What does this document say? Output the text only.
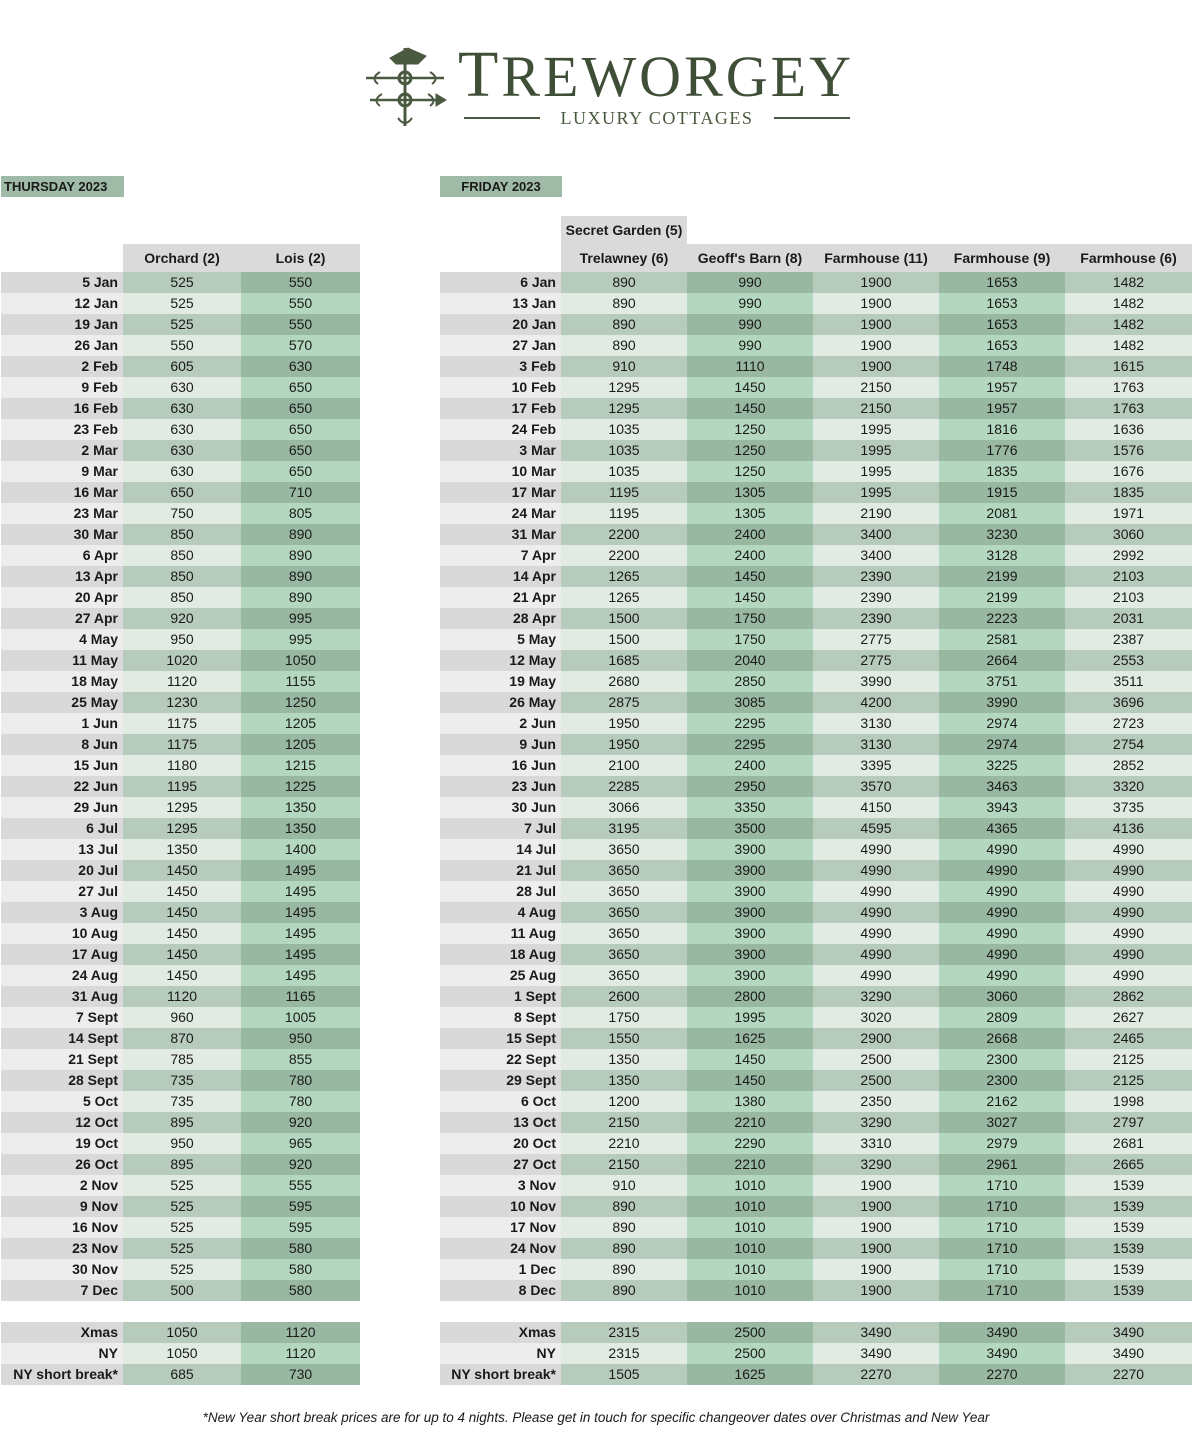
TREWORGEY
LUXURY COTTAGES
THURSDAY 2023	FRIDAY 2023
	Orchard (2)	Lois (2)
5 Jan	525	550
12 Jan	525	550
19 Jan	525	550
26 Jan	550	570
2 Feb	605	630
9 Feb	630	650
16 Feb	630	650
23 Feb	630	650
2 Mar	630	650
9 Mar	630	650
16 Mar	650	710
23 Mar	750	805
30 Mar	850	890
6 Apr	850	890
13 Apr	850	890
20 Apr	850	890
27 Apr	920	995
4 May	950	995
11 May	1020	1050
18 May	1120	1155
25 May	1230	1250
1 Jun	1175	1205
8 Jun	1175	1205
15 Jun	1180	1215
22 Jun	1195	1225
29 Jun	1295	1350
6 Jul	1295	1350
13 Jul	1350	1400
20 Jul	1450	1495
27 Jul	1450	1495
3 Aug	1450	1495
10 Aug	1450	1495
17 Aug	1450	1495
24 Aug	1450	1495
31 Aug	1120	1165
7 Sept	960	1005
14 Sept	870	950
21 Sept	785	855
28 Sept	735	780
5 Oct	735	780
12 Oct	895	920
19 Oct	950	965
26 Oct	895	920
2 Nov	525	555
9 Nov	525	595
16 Nov	525	595
23 Nov	525	580
30 Nov	525	580
7 Dec	500	580

Xmas	1050	1120
NY	1050	1120
NY short break*	685	730
	Secret Garden (5)				
	Trelawney (6)	Geoff's Barn (8)	Farmhouse (11)	Farmhouse (9)	Farmhouse (6)
6 Jan	890	990	1900	1653	1482
13 Jan	890	990	1900	1653	1482
20 Jan	890	990	1900	1653	1482
27 Jan	890	990	1900	1653	1482
3 Feb	910	1110	1900	1748	1615
10 Feb	1295	1450	2150	1957	1763
17 Feb	1295	1450	2150	1957	1763
24 Feb	1035	1250	1995	1816	1636
3 Mar	1035	1250	1995	1776	1576
10 Mar	1035	1250	1995	1835	1676
17 Mar	1195	1305	1995	1915	1835
24 Mar	1195	1305	2190	2081	1971
31 Mar	2200	2400	3400	3230	3060
7 Apr	2200	2400	3400	3128	2992
14 Apr	1265	1450	2390	2199	2103
21 Apr	1265	1450	2390	2199	2103
28 Apr	1500	1750	2390	2223	2031
5 May	1500	1750	2775	2581	2387
12 May	1685	2040	2775	2664	2553
19 May	2680	2850	3990	3751	3511
26 May	2875	3085	4200	3990	3696
2 Jun	1950	2295	3130	2974	2723
9 Jun	1950	2295	3130	2974	2754
16 Jun	2100	2400	3395	3225	2852
23 Jun	2285	2950	3570	3463	3320
30 Jun	3066	3350	4150	3943	3735
7 Jul	3195	3500	4595	4365	4136
14 Jul	3650	3900	4990	4990	4990
21 Jul	3650	3900	4990	4990	4990
28 Jul	3650	3900	4990	4990	4990
4 Aug	3650	3900	4990	4990	4990
11 Aug	3650	3900	4990	4990	4990
18 Aug	3650	3900	4990	4990	4990
25 Aug	3650	3900	4990	4990	4990
1 Sept	2600	2800	3290	3060	2862
8 Sept	1750	1995	3020	2809	2627
15 Sept	1550	1625	2900	2668	2465
22 Sept	1350	1450	2500	2300	2125
29 Sept	1350	1450	2500	2300	2125
6 Oct	1200	1380	2350	2162	1998
13 Oct	2150	2210	3290	3027	2797
20 Oct	2210	2290	3310	2979	2681
27 Oct	2150	2210	3290	2961	2665
3 Nov	910	1010	1900	1710	1539
10 Nov	890	1010	1900	1710	1539
17 Nov	890	1010	1900	1710	1539
24 Nov	890	1010	1900	1710	1539
1 Dec	890	1010	1900	1710	1539
8 Dec	890	1010	1900	1710	1539

Xmas	2315	2500	3490	3490	3490
NY	2315	2500	3490	3490	3490
NY short break*	1505	1625	2270	2270	2270
*New Year short break prices are for up to 4 nights. Please get in touch for specific changeover dates over Christmas and New Year
